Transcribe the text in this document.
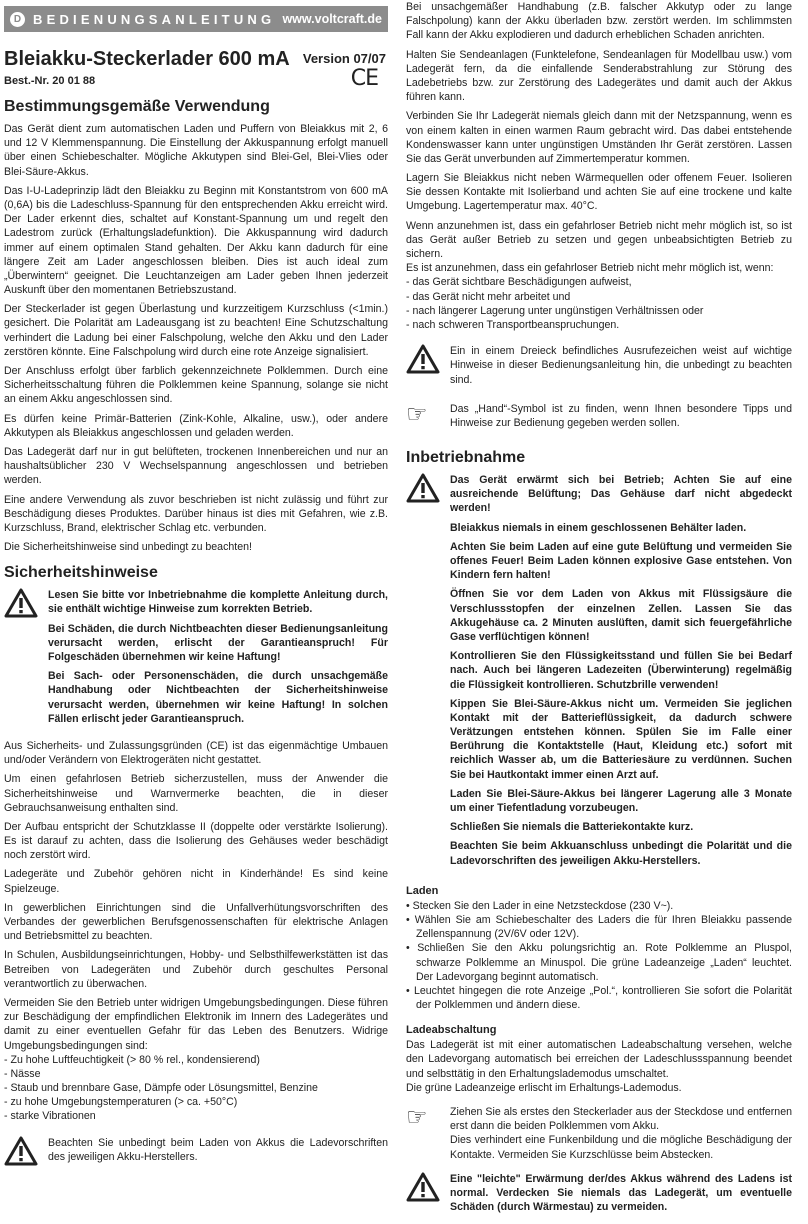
D BEDIENUNGSANLEITUNG www.voltcraft.de
Bleiakku-Steckerlader 600 mA Version 07/07
CE
Best.-Nr. 20 01 88
Bestimmungsgemäße Verwendung

Das Gerät dient zum automatischen Laden und Puffern von Bleiakkus mit 2, 6 und 12 V Klemmenspannung. Die Einstellung der Akkuspannung erfolgt manuell über einen Schiebeschalter. Mögliche Akkutypen sind Blei-Gel, Blei-Vlies oder Blei-Säure-Akkus.

Das I-U-Ladeprinzip lädt den Bleiakku zu Beginn mit Konstantstrom von 600 mA (0,6A) bis die Ladeschluss-Spannung für den entsprechenden Akku erreicht wird. Der Lader erkennt dies, schaltet auf Konstant-Spannung um und regelt den Ladestrom zurück (Erhaltungsladefunktion). Die Akkuspannung wird dadurch immer auf einem optimalen Stand gehalten. Der Akku kann dadurch für eine längere Zeit am Lader angeschlossen bleiben. Dies ist auch ideal zum „Überwintern“ geeignet. Die Leuchtanzeigen am Lader geben Ihnen jederzeit Auskunft über den momentanen Betriebszustand.

Der Steckerlader ist gegen Überlastung und kurzzeitigem Kurzschluss (<1min.) gesichert. Die Polarität am Ladeausgang ist zu beachten! Eine Schutzschaltung verhindert die Ladung bei einer Falschpolung, welche den Akku und den Lader zerstören könnte. Eine Falschpolung wird durch eine rote Anzeige signalisiert.

Der Anschluss erfolgt über farblich gekennzeichnete Polklemmen. Durch eine Sicherheitsschaltung führen die Polklemmen keine Spannung, solange sie nicht an einem Akku angeschlossen sind.

Es dürfen keine Primär-Batterien (Zink-Kohle, Alkaline, usw.), oder andere Akkutypen als Bleiakkus angeschlossen und geladen werden.

Das Ladegerät darf nur in gut belüfteten, trockenen Innenbereichen und nur an haushaltsüblicher 230 V Wechselspannung angeschlossen und betrieben werden.

Eine andere Verwendung als zuvor beschrieben ist nicht zulässig und führt zur Beschädigung dieses Produktes. Darüber hinaus ist dies mit Gefahren, wie z.B. Kurzschluss, Brand, elektrischer Schlag etc. verbunden.

Die Sicherheitshinweise sind unbedingt zu beachten!

Sicherheitshinweise

Lesen Sie bitte vor Inbetriebnahme die komplette Anleitung durch, sie enthält wichtige Hinweise zum korrekten Betrieb.

Bei Schäden, die durch Nichtbeachten dieser Bedienungsanleitung verursacht werden, erlischt der Garantieanspruch! Für Folgeschäden übernehmen wir keine Haftung!

Bei Sach- oder Personenschäden, die durch unsachgemäße Handhabung oder Nichtbeachten der Sicherheitshinweise verursacht werden, übernehmen wir keine Haftung! In solchen Fällen erlischt jeder Garantieanspruch.

Aus Sicherheits- und Zulassungsgründen (CE) ist das eigenmächtige Umbauen und/oder Verändern von Elektrogeräten nicht gestattet.

Um einen gefahrlosen Betrieb sicherzustellen, muss der Anwender die Sicherheitshinweise und Warnvermerke beachten, die in dieser Gebrauchsanweisung enthalten sind.

Der Aufbau entspricht der Schutzklasse II (doppelte oder verstärkte Isolierung). Es ist darauf zu achten, dass die Isolierung des Gehäuses weder beschädigt noch zerstört wird.

Ladegeräte und Zubehör gehören nicht in Kinderhände! Es sind keine Spielzeuge.

In gewerblichen Einrichtungen sind die Unfallverhütungsvorschriften des Verbandes der gewerblichen Berufsgenossenschaften für elektrische Anlagen und Betriebsmittel zu beachten.

In Schulen, Ausbildungseinrichtungen, Hobby- und Selbsthilfewerkstätten ist das Betreiben von Ladegeräten und Zubehör durch geschultes Personal verantwortlich zu überwachen.

Vermeiden Sie den Betrieb unter widrigen Umgebungsbedingungen. Diese führen zur Beschädigung der empfindlichen Elektronik im Innern des Ladegerätes und damit zu einer eventuellen Gefahr für das Leben des Benutzers. Widrige Umgebungsbedingungen sind:

- Zu hohe Luftfeuchtigkeit (> 80 % rel., kondensierend)
- Nässe
- Staub und brennbare Gase, Dämpfe oder Lösungsmittel, Benzine
- zu hohe Umgebungstemperaturen (> ca. +50°C)
- starke Vibrationen

Beachten Sie unbedingt beim Laden von Akkus die Ladevorschriften des jeweiligen Akku-Herstellers.

Bei unsachgemäßer Handhabung (z.B. falscher Akkutyp oder zu lange Falschpolung) kann der Akku überladen bzw. zerstört werden. Im schlimmsten Fall kann der Akku explodieren und dadurch erheblichen Schaden anrichten.

Halten Sie Sendeanlagen (Funktelefone, Sendeanlagen für Modellbau usw.) vom Ladegerät fern, da die einfallende Senderabstrahlung zur Störung des Ladebetriebs bzw. zur Zerstörung des Ladegerätes und damit auch der Akkus führen kann.

Verbinden Sie Ihr Ladegerät niemals gleich dann mit der Netzspannung, wenn es von einem kalten in einen warmen Raum gebracht wird. Das dabei entstehende Kondenswasser kann unter ungünstigen Umständen Ihr Gerät zerstören. Lassen Sie das Gerät unverbunden auf Zimmertemperatur kommen.

Lagern Sie Bleiakkus nicht neben Wärmequellen oder offenem Feuer. Isolieren Sie dessen Kontakte mit Isolierband und achten Sie auf eine trockene und kalte Umgebung. Lagertemperatur max. 40°C.

Wenn anzunehmen ist, dass ein gefahrloser Betrieb nicht mehr möglich ist, so ist das Gerät außer Betrieb zu setzen und gegen unbeabsichtigten Betrieb zu sichern.

Es ist anzunehmen, dass ein gefahrloser Betrieb nicht mehr möglich ist, wenn:

- das Gerät sichtbare Beschädigungen aufweist,
- das Gerät nicht mehr arbeitet und
- nach längerer Lagerung unter ungünstigen Verhältnissen oder
- nach schweren Transportbeanspruchungen.

Ein in einem Dreieck befindliches Ausrufezeichen weist auf wichtige Hinweise in dieser Bedienungsanleitung hin, die unbedingt zu beachten sind.

☞	Das „Hand“-Symbol ist zu finden, wenn Ihnen besondere Tipps und Hinweise zur Bedienung gegeben werden sollen.

Inbetriebnahme

Das Gerät erwärmt sich bei Betrieb; Achten Sie auf eine ausreichende Belüftung; Das Gehäuse darf nicht abgedeckt werden!

Bleiakkus niemals in einem geschlossenen Behälter laden.

Achten Sie beim Laden auf eine gute Belüftung und vermeiden Sie offenes Feuer! Beim Laden können explosive Gase entstehen. Von Kindern fern halten!

Öffnen Sie vor dem Laden von Akkus mit Flüssigsäure die Verschlussstopfen der einzelnen Zellen. Lassen Sie das Akkugehäuse ca. 2 Minuten auslüften, damit sich feuergefährliche Gase verflüchtigen können!

Kontrollieren Sie den Flüssigkeitsstand und füllen Sie bei Bedarf nach. Auch bei längeren Ladezeiten (Überwinterung) regelmäßig die Flüssigkeit kontrollieren. Schutzbrille verwenden!

Kippen Sie Blei-Säure-Akkus nicht um. Vermeiden Sie jeglichen Kontakt mit der Batterieflüssigkeit, da dadurch schwere Verätzungen entstehen können. Spülen Sie im Falle einer Berührung die Kontaktstelle (Haut, Kleidung etc.) sofort mit reichlich Wasser ab, um die Batteriesäure zu verdünnen. Suchen Sie bei Hautkontakt immer einen Arzt auf.

Laden Sie Blei-Säure-Akkus bei längerer Lagerung alle 3 Monate um einer Tiefentladung vorzubeugen.

Schließen Sie niemals die Batteriekontakte kurz.

Beachten Sie beim Akkuanschluss unbedingt die Polarität und die Ladevorschriften des jeweiligen Akku-Herstellers.

Laden
• Stecken Sie den Lader in eine Netzsteckdose (230 V~).
• Wählen Sie am Schiebeschalter des Laders die für Ihren Bleiakku passende Zellenspannung (2V/6V oder 12V).
• Schließen Sie den Akku polungsrichtig an. Rote Polklemme an Pluspol, schwarze Polklemme an Minuspol. Die grüne Ladeanzeige „Laden“ leuchtet. Der Ladevorgang beginnt automatisch.
• Leuchtet hingegen die rote Anzeige „Pol.“, kontrollieren Sie sofort die Polarität der Polklemmen und ändern diese.
Ladeabschaltung

Das Ladegerät ist mit einer automatischen Ladeabschaltung versehen, welche den Ladevorgang automatisch bei erreichen der Ladeschlussspannung beendet und selbsttätig in den Erhaltungslademodus umschaltet.

Die grüne Ladeanzeige erlischt im Erhaltungs-Lademodus.

☞	Ziehen Sie als erstes den Steckerlader aus der Steckdose und entfernen erst dann die beiden Polklemmen vom Akku.

Dies verhindert eine Funkenbildung und die mögliche Beschädigung der Kontakte. Vermeiden Sie Kurzschlüsse beim Abstecken.

Eine "leichte" Erwärmung der/des Akkus während des Ladens ist normal. Verdecken Sie niemals das Ladegerät, um eventuelle Schäden (durch Wärmestau) zu vermeiden.
